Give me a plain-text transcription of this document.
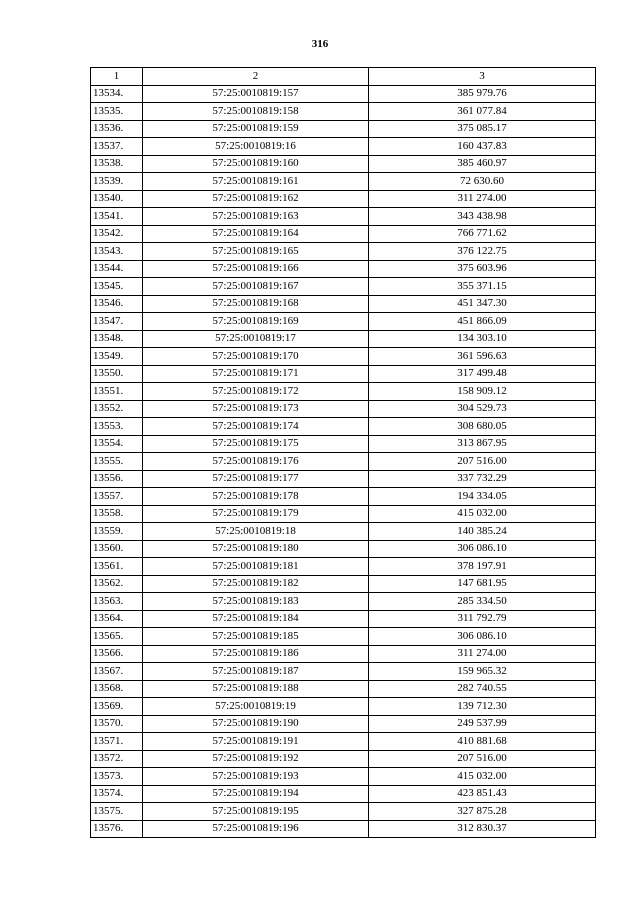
316
1	2	3
13534.	57:25:0010819:157	385 979.76
13535.	57:25:0010819:158	361 077.84
13536.	57:25:0010819:159	375 085.17
13537.	57:25:0010819:16	160 437.83
13538.	57:25:0010819:160	385 460.97
13539.	57:25:0010819:161	72 630.60
13540.	57:25:0010819:162	311 274.00
13541.	57:25:0010819:163	343 438.98
13542.	57:25:0010819:164	766 771.62
13543.	57:25:0010819:165	376 122.75
13544.	57:25:0010819:166	375 603.96
13545.	57:25:0010819:167	355 371.15
13546.	57:25:0010819:168	451 347.30
13547.	57:25:0010819:169	451 866.09
13548.	57:25:0010819:17	134 303.10
13549.	57:25:0010819:170	361 596.63
13550.	57:25:0010819:171	317 499.48
13551.	57:25:0010819:172	158 909.12
13552.	57:25:0010819:173	304 529.73
13553.	57:25:0010819:174	308 680.05
13554.	57:25:0010819:175	313 867.95
13555.	57:25:0010819:176	207 516.00
13556.	57:25:0010819:177	337 732.29
13557.	57:25:0010819:178	194 334.05
13558.	57:25:0010819:179	415 032.00
13559.	57:25:0010819:18	140 385.24
13560.	57:25:0010819:180	306 086.10
13561.	57:25:0010819:181	378 197.91
13562.	57:25:0010819:182	147 681.95
13563.	57:25:0010819:183	285 334.50
13564.	57:25:0010819:184	311 792.79
13565.	57:25:0010819:185	306 086.10
13566.	57:25:0010819:186	311 274.00
13567.	57:25:0010819:187	159 965.32
13568.	57:25:0010819:188	282 740.55
13569.	57:25:0010819:19	139 712.30
13570.	57:25:0010819:190	249 537.99
13571.	57:25:0010819:191	410 881.68
13572.	57:25:0010819:192	207 516.00
13573.	57:25:0010819:193	415 032.00
13574.	57:25:0010819:194	423 851.43
13575.	57:25:0010819:195	327 875.28
13576.	57:25:0010819:196	312 830.37
